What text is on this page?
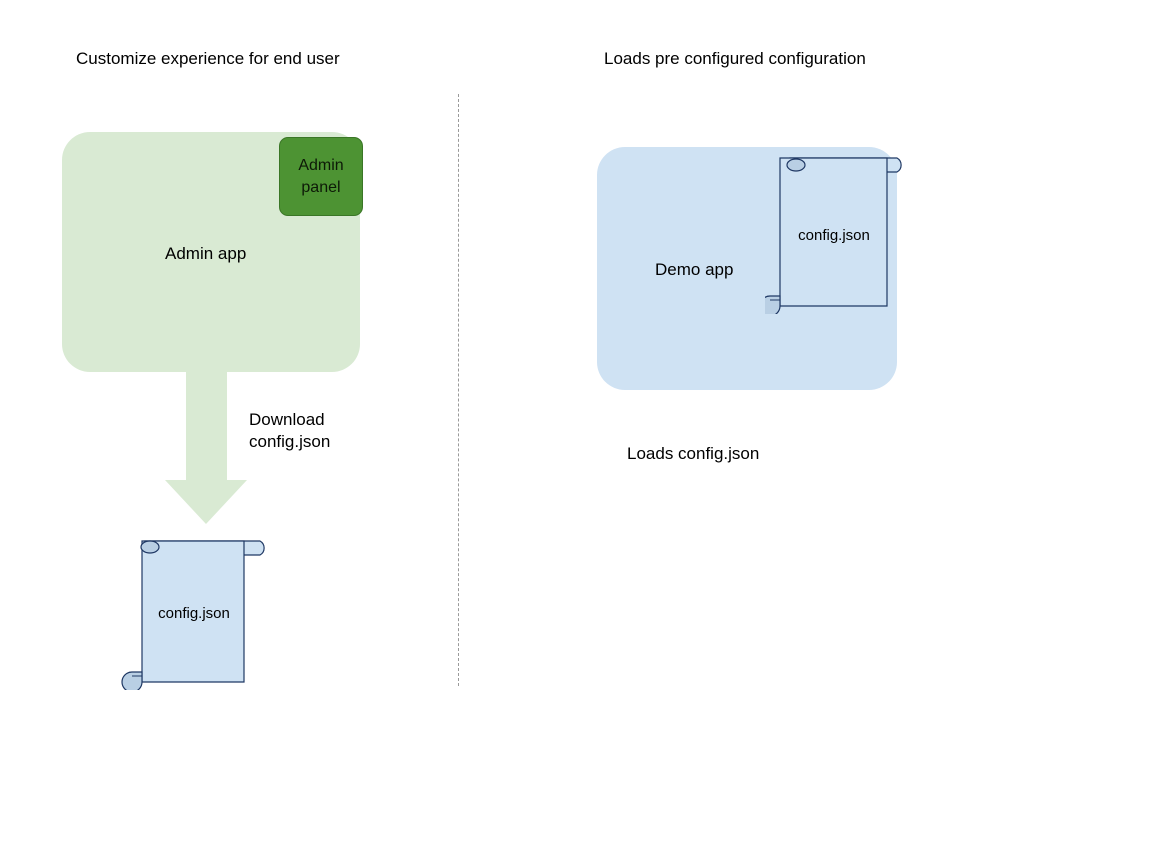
Customize experience for end user	Loads pre configured configuration
Admin app
Admin
panel
Download
config.json
config.json
Demo app
config.json
Loads config.json
